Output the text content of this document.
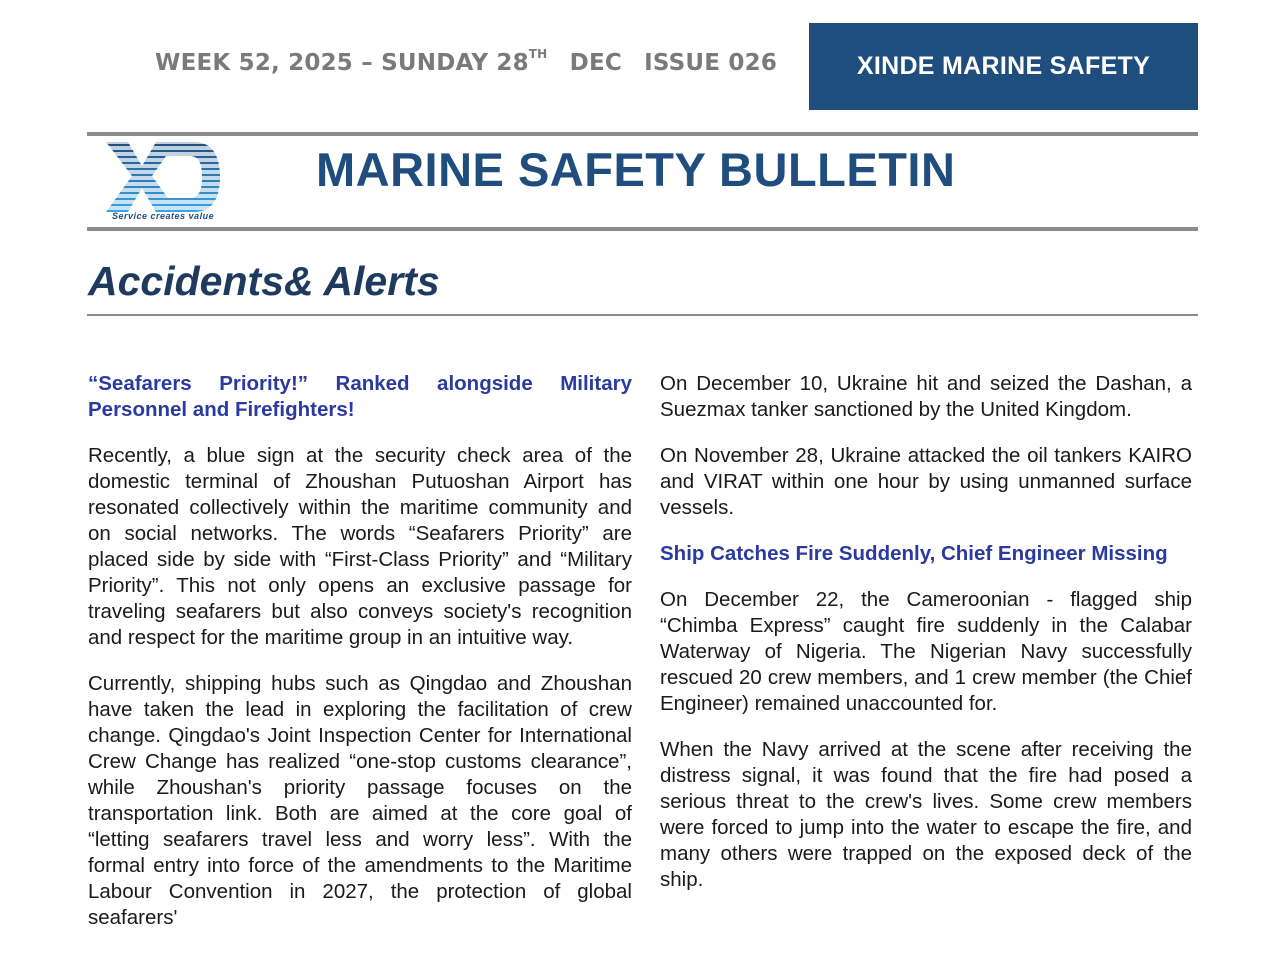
WEEK 52, 2025 – SUNDAY 28TH DEC ISSUE 026	XINDE MARINE SAFETY
Service creates value
MARINE SAFETY BULLETIN
Accidents& Alerts
“Seafarers Priority!” Ranked alongside Military Personnel and Firefighters!

Recently, a blue sign at the security check area of the domestic terminal of Zhoushan Putuoshan Airport has resonated collectively within the maritime community and on social networks. The words “Seafarers Priority” are placed side by side with “First-Class Priority” and “Military Priority”. This not only opens an exclusive passage for traveling seafarers but also conveys society's recognition and respect for the maritime group in an intuitive way.

Currently, shipping hubs such as Qingdao and Zhoushan have taken the lead in exploring the facilitation of crew change. Qingdao's Joint Inspection Center for International Crew Change has realized “one-stop customs clearance”, while Zhoushan's priority passage focuses on the transportation link. Both are aimed at the core goal of “letting seafarers travel less and worry less”. With the formal entry into force of the amendments to the Maritime Labour Convention in 2027, the protection of global seafarers'

On December 10, Ukraine hit and seized the Dashan, a Suezmax tanker sanctioned by the United Kingdom.

On November 28, Ukraine attacked the oil tankers KAIRO and VIRAT within one hour by using unmanned surface vessels.

Ship Catches Fire Suddenly, Chief Engineer Missing

On December 22, the Cameroonian - flagged ship “Chimba Express” caught fire suddenly in the Calabar Waterway of Nigeria. The Nigerian Navy successfully rescued 20 crew members, and 1 crew member (the Chief Engineer) remained unaccounted for.

When the Navy arrived at the scene after receiving the distress signal, it was found that the fire had posed a serious threat to the crew's lives. Some crew members were forced to jump into the water to escape the fire, and many others were trapped on the exposed deck of the ship.
